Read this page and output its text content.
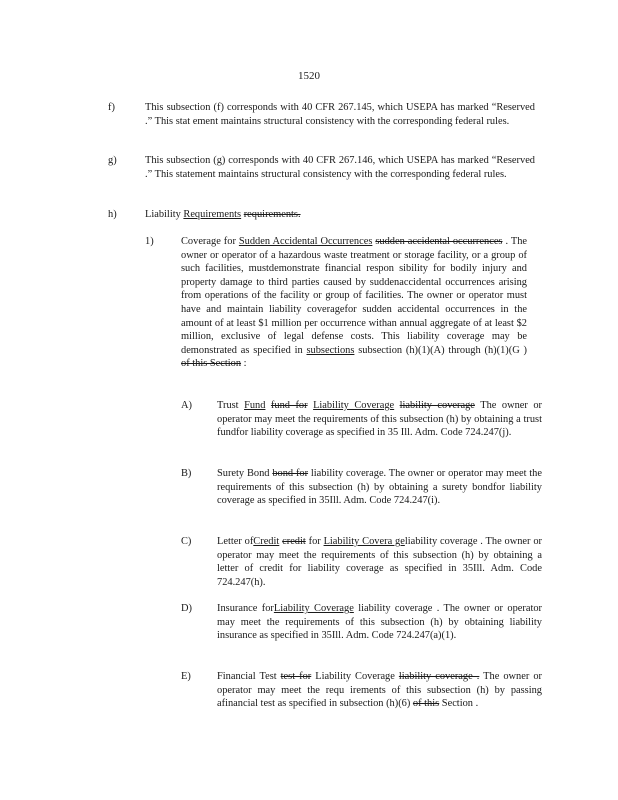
1520
f)	This subsection (f) corresponds with 40 CFR 267.145, which USEPA has marked “Reserved .” This stat ement maintains structural consistency with the corresponding federal rules.
g)	This subsection (g) corresponds with 40 CFR 267.146, which USEPA has marked “Reserved .” This statement maintains structural consistency with the corresponding federal rules.
h)	Liability Requirements requirements.
1)	Coverage for Sudden Accidental Occurrences sudden accidental occurrences . The owner or operator of a hazardous waste treatment or storage facility, or a group of such facilities, mustdemonstrate financial respon sibility for bodily injury and property damage to third parties caused by suddenaccidental occurrences arising from operations of the facility or group of facilities. The owner or operator must have and maintain liability coveragefor sudden accidental occurrences in the amount of at least $1 million per occurrence withan annual aggregate of at least $2 million, exclusive of legal defense costs. This liability coverage may be demonstrated as specified in subsections subsection (h)(1)(A) through (h)(1)(G ) of this Section :
A) Trust Fund fund for Liability Coverage liability coverage The owner or operator may meet the requirements of this subsection (h) by obtaining a trust fundfor liability coverage as specified in 35 Ill. Adm. Code 724.247(j).
B) Surety Bond bond for liability coverage. The owner or operator may meet the requirements of this subsection (h) by obtaining a surety bondfor liability coverage as specified in 35Ill. Adm. Code 724.247(i).
C) Letter ofCredit credit for Liability Covera geliability coverage . The owner or operator may meet the requirements of this subsection (h) by obtaining a letter of credit for liability coverage as specified in 35Ill. Adm. Code 724.247(h).
D) Insurance forLiability Coverage liability coverage . The owner or operator may meet the requirements of this subsection (h) by obtaining liability insurance as specified in 35Ill. Adm. Code 724.247(a)(1).
E)	Financial Test test for Liability Coverage liability coverage . The owner or operator may meet the requ irements of this subsection (h) by passing afinancial test as specified in subsection (h)(6) of this Section .
